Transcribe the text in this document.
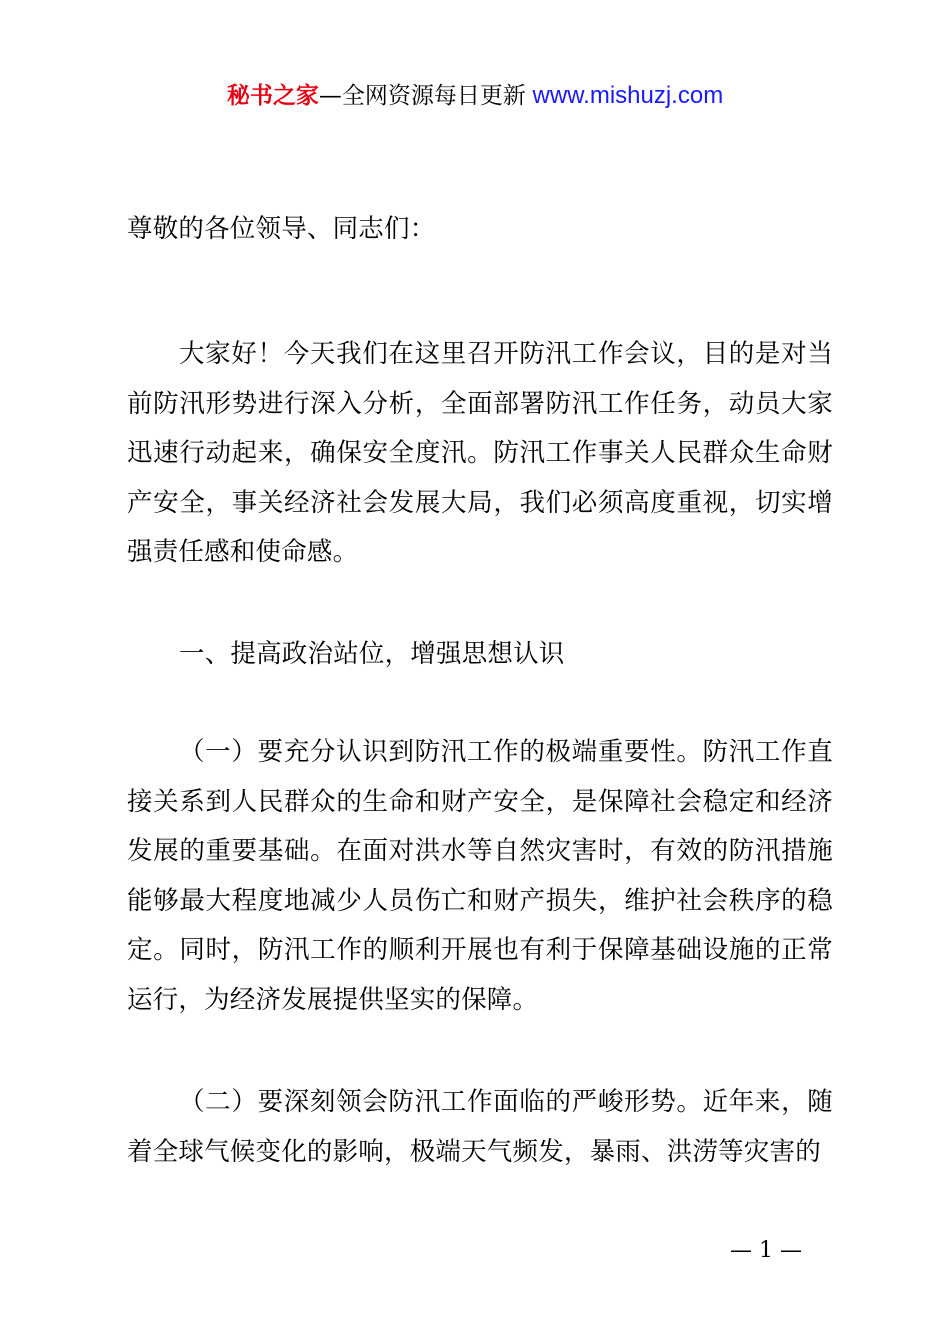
秘书之家—全网资源每日更新 www.mishuzj.com
尊敬的各位领导、同志们：
大家好！今天我们在这里召开防汛工作会议，目的是对当前防汛形势进行深入分析，全面部署防汛工作任务，动员大家迅速行动起来，确保安全度汛。防汛工作事关人民群众生命财产安全，事关经济社会发展大局，我们必须高度重视，切实增强责任感和使命感。
一、提高政治站位，增强思想认识
（一）要充分认识到防汛工作的极端重要性。防汛工作直接关系到人民群众的生命和财产安全，是保障社会稳定和经济发展的重要基础。在面对洪水等自然灾害时，有效的防汛措施能够最大程度地减少人员伤亡和财产损失，维护社会秩序的稳定。同时，防汛工作的顺利开展也有利于保障基础设施的正常运行，为经济发展提供坚实的保障。
（二）要深刻领会防汛工作面临的严峻形势。近年来，随着全球气候变化的影响，极端天气频发，暴雨、洪涝等灾害的
— 1 —
